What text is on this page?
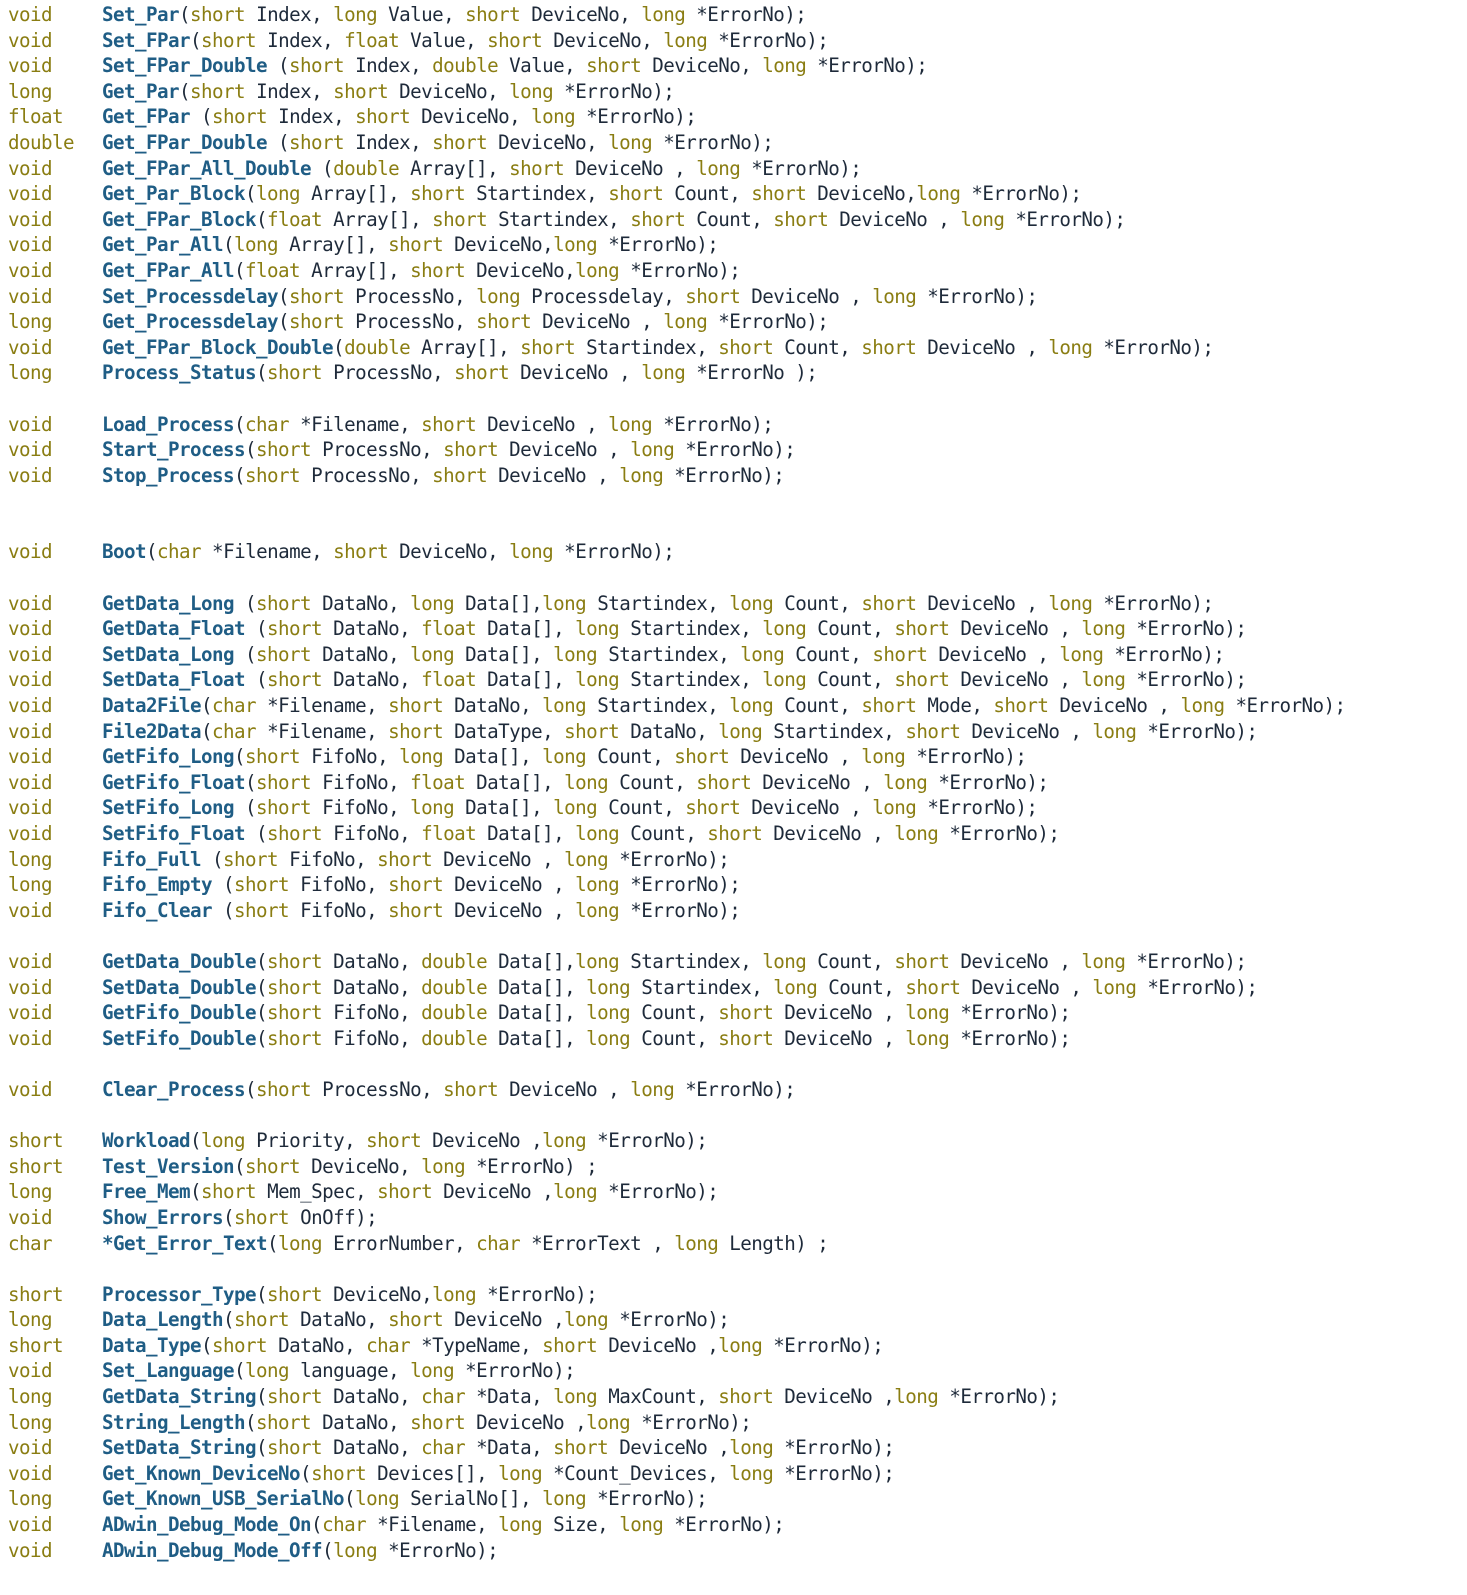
void	Set_Par(short Index, long Value, short DeviceNo, long *ErrorNo);
void	Set_FPar(short Index, float Value, short DeviceNo, long *ErrorNo);
void	Set_FPar_Double (short Index, double Value, short DeviceNo, long *ErrorNo);
long	Get_Par(short Index, short DeviceNo, long *ErrorNo);
float Get_FPar (short Index, short DeviceNo, long *ErrorNo);
double Get_FPar_Double (short Index, short DeviceNo, long *ErrorNo);
void	Get_FPar_All_Double (double Array[], short DeviceNo , long *ErrorNo);
void	Get_Par_Block(long Array[], short Startindex, short Count, short DeviceNo,long *ErrorNo);
void	Get_FPar_Block(float Array[], short Startindex, short Count, short DeviceNo , long *ErrorNo);
void	Get_Par_All(long Array[], short DeviceNo,long *ErrorNo);
void	Get_FPar_All(float Array[], short DeviceNo,long *ErrorNo);
void	Set_Processdelay(short ProcessNo, long Processdelay, short DeviceNo , long *ErrorNo);
long	Get_Processdelay(short ProcessNo, short DeviceNo , long *ErrorNo);
void	Get_FPar_Block_Double(double Array[], short Startindex, short Count, short DeviceNo , long *ErrorNo);
long	Process_Status(short ProcessNo, short DeviceNo , long *ErrorNo );
void	Load_Process(char *Filename, short DeviceNo , long *ErrorNo);
void	Start_Process(short ProcessNo, short DeviceNo , long *ErrorNo);
void	Stop_Process(short ProcessNo, short DeviceNo , long *ErrorNo);
void	Boot(char *Filename, short DeviceNo, long *ErrorNo);
void	GetData_Long (short DataNo, long Data[],long Startindex, long Count, short DeviceNo , long *ErrorNo);
void	GetData_Float (short DataNo, float Data[], long Startindex, long Count, short DeviceNo , long *ErrorNo);
void	SetData_Long (short DataNo, long Data[], long Startindex, long Count, short DeviceNo , long *ErrorNo);
void	SetData_Float (short DataNo, float Data[], long Startindex, long Count, short DeviceNo , long *ErrorNo);
void	Data2File(char *Filename, short DataNo, long Startindex, long Count, short Mode, short DeviceNo , long *ErrorNo);
void	File2Data(char *Filename, short DataType, short DataNo, long Startindex, short DeviceNo , long *ErrorNo);
void	GetFifo_Long(short FifoNo, long Data[], long Count, short DeviceNo , long *ErrorNo);
void	GetFifo_Float(short FifoNo, float Data[], long Count, short DeviceNo , long *ErrorNo);
void	SetFifo_Long (short FifoNo, long Data[], long Count, short DeviceNo , long *ErrorNo);
void	SetFifo_Float (short FifoNo, float Data[], long Count, short DeviceNo , long *ErrorNo);
long	Fifo_Full (short FifoNo, short DeviceNo , long *ErrorNo);
long	Fifo_Empty (short FifoNo, short DeviceNo , long *ErrorNo);
void	Fifo_Clear (short FifoNo, short DeviceNo , long *ErrorNo);
void	GetData_Double(short DataNo, double Data[],long Startindex, long Count, short DeviceNo , long *ErrorNo);
void	SetData_Double(short DataNo, double Data[], long Startindex, long Count, short DeviceNo , long *ErrorNo);
void	GetFifo_Double(short FifoNo, double Data[], long Count, short DeviceNo , long *ErrorNo);
void	SetFifo_Double(short FifoNo, double Data[], long Count, short DeviceNo , long *ErrorNo);
void	Clear_Process(short ProcessNo, short DeviceNo , long *ErrorNo);
short Workload(long Priority, short DeviceNo ,long *ErrorNo);
short Test_Version(short DeviceNo, long *ErrorNo) ;
long	Free_Mem(short Mem_Spec, short DeviceNo ,long *ErrorNo);
void	Show_Errors(short OnOff);
char	*Get_Error_Text(long ErrorNumber, char *ErrorText , long Length) ;
short Processor_Type(short DeviceNo,long *ErrorNo);
long	Data_Length(short DataNo, short DeviceNo ,long *ErrorNo);
short Data_Type(short DataNo, char *TypeName, short DeviceNo ,long *ErrorNo);
void	Set_Language(long language, long *ErrorNo);
long	GetData_String(short DataNo, char *Data, long MaxCount, short DeviceNo ,long *ErrorNo);
long	String_Length(short DataNo, short DeviceNo ,long *ErrorNo);
void	SetData_String(short DataNo, char *Data, short DeviceNo ,long *ErrorNo);
void	Get_Known_DeviceNo(short Devices[], long *Count_Devices, long *ErrorNo);
long	Get_Known_USB_SerialNo(long SerialNo[], long *ErrorNo);
void	ADwin_Debug_Mode_On(char *Filename, long Size, long *ErrorNo);
void	ADwin_Debug_Mode_Off(long *ErrorNo);
